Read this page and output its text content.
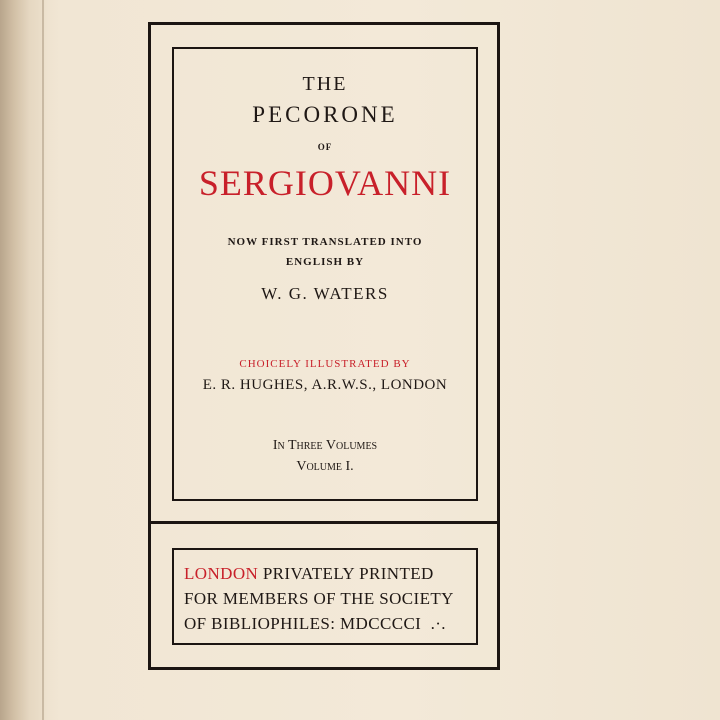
THE
PECORONE
OF
SERGIOVANNI
NOW FIRST TRANSLATED INTO
ENGLISH BY
W. G. WATERS
CHOICELY ILLUSTRATED BY
E. R. HUGHES, A.R.W.S., LONDON
In Three Volumes
Volume I.
LONDON PRIVATELY PRINTED
FOR MEMBERS OF THE SOCIETY
OF BIBLIOPHILES: MDCCCCI .·.
